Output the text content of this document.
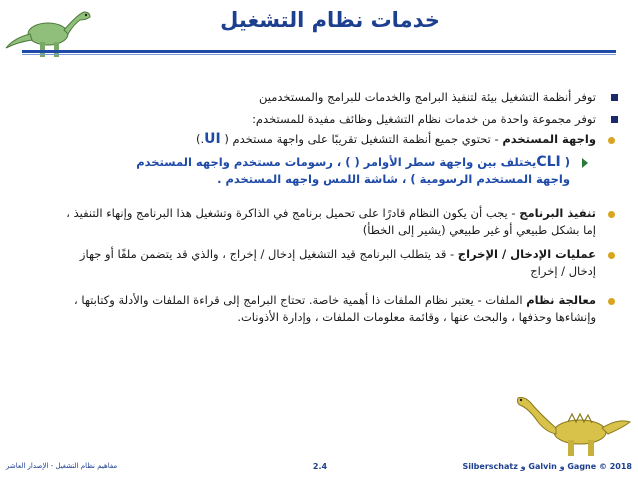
خدمات نظام التشغيل
توفر أنظمة التشغيل بيئة لتنفيذ البرامج والخدمات للبرامج والمستخدمين
توفر مجموعة واحدة من خدمات نظام التشغيل وظائف مفيدة للمستخدم:
واجهة المستخدم - تحتوي جميع أنظمة التشغيل تقريبًا على واجهة مستخدم ( UI.)
( CLIيختلف بين واجهة سطر الأوامر ( ) ، رسومات مستخدم واجهه المستخدم
واجهة المستخدم الرسومية ) ، شاشة اللمس واجهه المستخدم .
تنفيذ البرنامج - يجب أن يكون النظام قادرًا على تحميل برنامج في الذاكرة وتشغيل هذا البرنامج وإنهاء التنفيذ ، إما بشكل طبيعي أو غير طبيعي (يشير إلى الخطأ)
عمليات الإدخال / الإخراج - قد يتطلب البرنامج قيد التشغيل إدخال / إخراج ، والذي قد يتضمن ملفًا أو جهاز إدخال / إخراج
معالجة نظام الملفات - يعتبر نظام الملفات ذا أهمية خاصة. تحتاج البرامج إلى قراءة الملفات والأدلة وكتابتها ، وإنشاءها وحذفها ، والبحث عنها ، وقائمة معلومات الملفات ، وإدارة الأذونات.
مفاهيم نظام التشغيل - الإصدار العاشر	2.4	Silberschatz و Galvin و Gagne © 2018
